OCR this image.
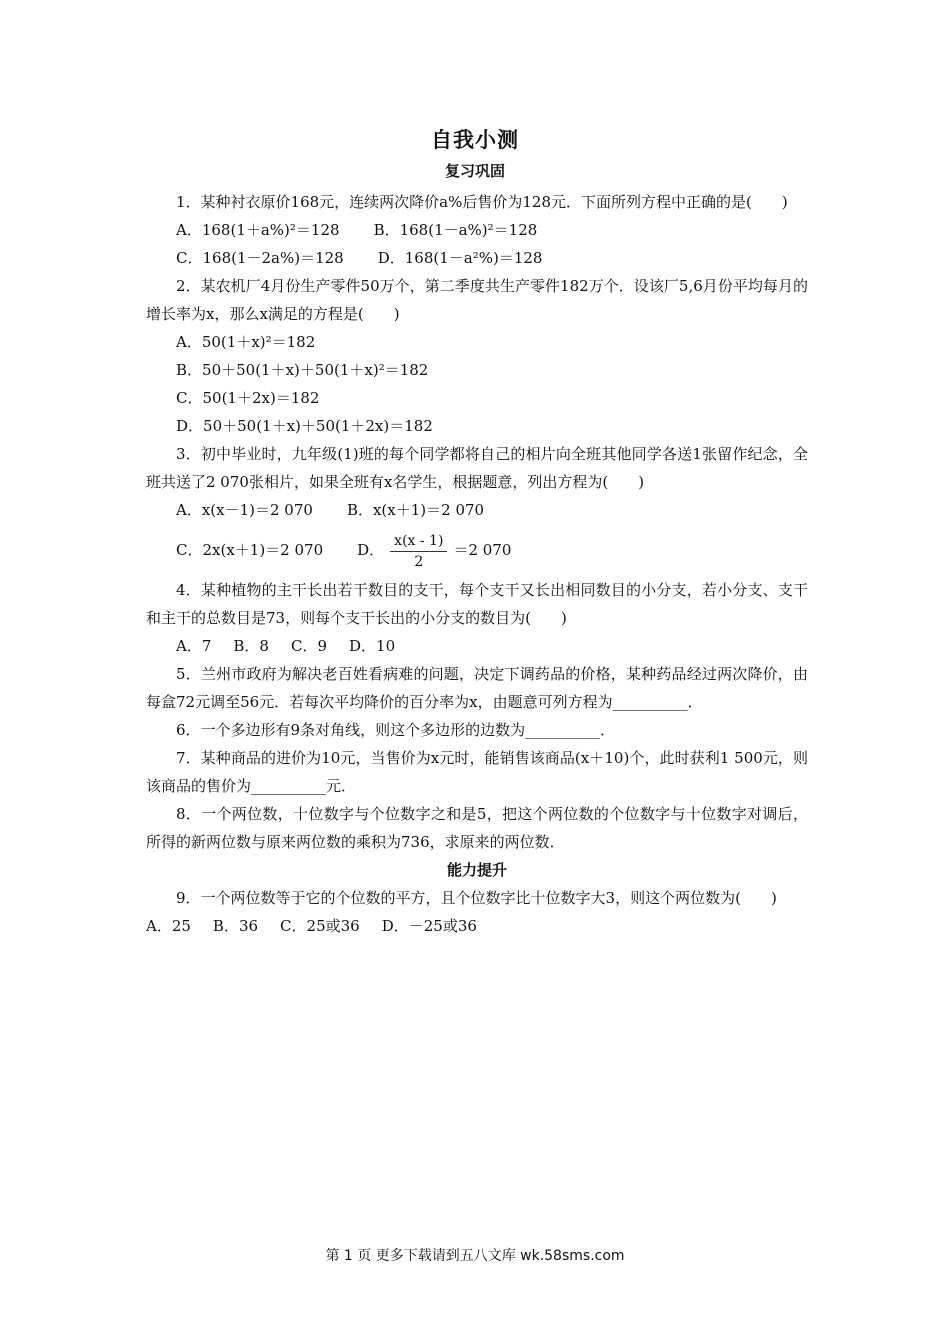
自我小测
复习巩固

1．某种衬衣原价168元，连续两次降价a%后售价为128元．下面所列方程中正确的是(　　)

A．168(1＋a%)²＝128 B．168(1－a%)²＝128

C．168(1－2a%)＝128 D．168(1－a²%)＝128

2．某农机厂4月份生产零件50万个，第二季度共生产零件182万个．设该厂5,6月份平均每月的增长率为x，那么x满足的方程是(　　)

A．50(1＋x)²＝182

B．50＋50(1＋x)＋50(1＋x)²＝182

C．50(1＋2x)＝182

D．50＋50(1＋x)＋50(1＋2x)＝182

3．初中毕业时，九年级(1)班的每个同学都将自己的相片向全班其他同学各送1张留作纪念，全班共送了2 070张相片，如果全班有x名学生，根据题意，列出方程为(　　)

A．x(x－1)＝2 070 B．x(x＋1)＝2 070

C．2x(x＋1)＝2 070 D． $\frac{x(x - 1)}{2} =2$ 070

4．某种植物的主干长出若干数目的支干，每个支干又长出相同数目的小分支，若小分支、支干和主干的总数目是73，则每个支干长出的小分支的数目为(　　)

A．7 B．8 C．9 D．10

5．兰州市政府为解决老百姓看病难的问题，决定下调药品的价格，某种药品经过两次降价，由每盒72元调至56元．若每次平均降价的百分率为x，由题意可列方程为__________．

6．一个多边形有9条对角线，则这个多边形的边数为__________．

7．某种商品的进价为10元，当售价为x元时，能销售该商品(x＋10)个，此时获利1 500元，则该商品的售价为__________元．

8．一个两位数，十位数字与个位数字之和是5，把这个两位数的个位数字与十位数字对调后，所得的新两位数与原来两位数的乘积为736，求原来的两位数．

能力提升

9．一个两位数等于它的个位数的平方，且个位数字比十位数字大3，则这个两位数为(　　)

A．25 B．36 C．25或36 D．－25或36

第 1 页 更多下载请到五八文库 wk.58sms.com
